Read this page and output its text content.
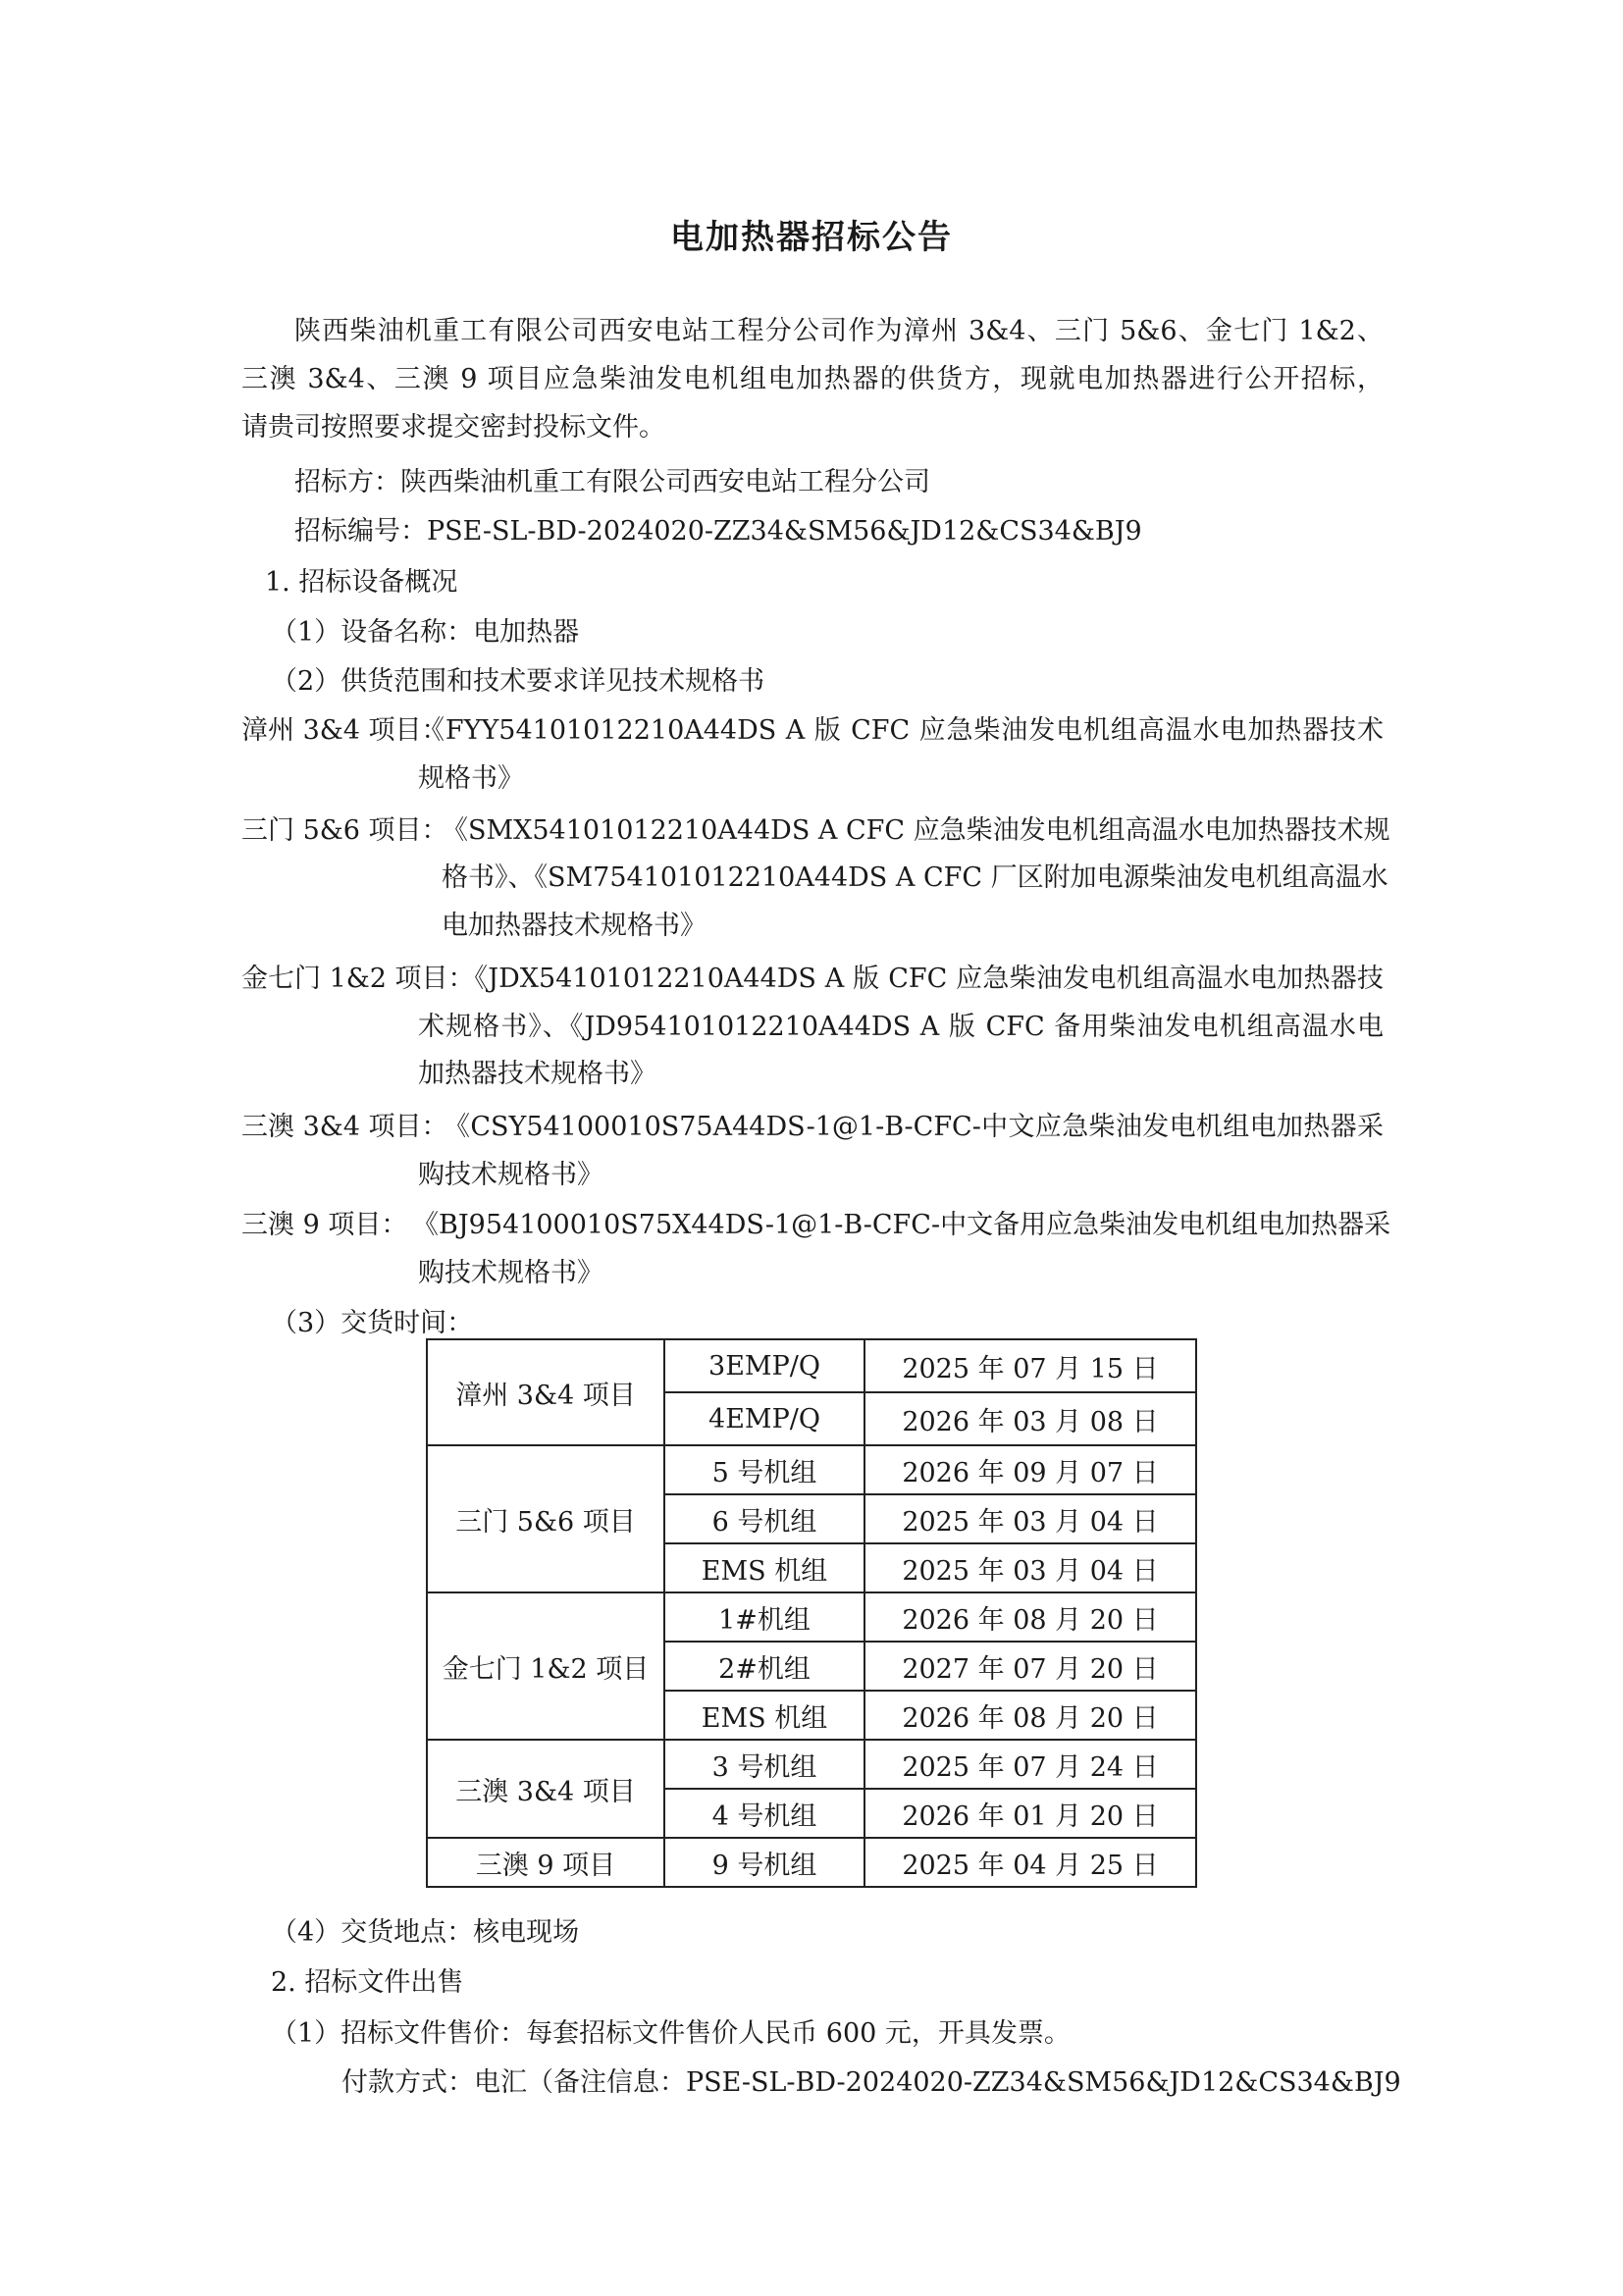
电加热器招标公告

陕西柴油机重工有限公司西安电站工程分公司作为漳州 3&4、三门 5&6、金七门 1&2、

三澳 3&4、三澳 9 项目应急柴油发电机组电加热器的供货方，现就电加热器进行公开招标，

请贵司按照要求提交密封投标文件。

招标方：陕西柴油机重工有限公司西安电站工程分公司

招标编号：PSE-SL-BD-2024020-ZZ34&SM56&JD12&CS34&BJ9

1. 招标设备概况

（1）设备名称：电加热器

（2）供货范围和技术要求详见技术规格书

漳州 3&4 项目：

《FYY54101012210A44DS A 版 CFC 应急柴油发电机组高温水电加热器技术

规格书》

三门 5&6 项目：

《SMX54101012210A44DS A CFC 应急柴油发电机组高温水电加热器技术规

格书》、《SM754101012210A44DS A CFC 厂区附加电源柴油发电机组高温水

电加热器技术规格书》

金七门 1&2 项目：

《JDX54101012210A44DS A 版 CFC 应急柴油发电机组高温水电加热器技

术规格书》、《JD954101012210A44DS A 版 CFC 备用柴油发电机组高温水电

加热器技术规格书》

三澳 3&4 项目：

《CSY54100010S75A44DS-1@1-B-CFC-中文应急柴油发电机组电加热器采

购技术规格书》

三澳 9 项目： 《BJ954100010S75X44DS-1@1-B-CFC-中文备用应急柴油发电机组电加热器采

购技术规格书》

（3）交货时间：

漳州 3&4 项目	3EMP/Q	2025 年 07 月 15 日
	4EMP/Q	2026 年 03 月 08 日
三门 5&6 项目	5 号机组	2026 年 09 月 07 日
	6 号机组	2025 年 03 月 04 日
	EMS 机组	2025 年 03 月 04 日
金七门 1&2 项目	1#机组	2026 年 08 月 20 日
	2#机组	2027 年 07 月 20 日
	EMS 机组	2026 年 08 月 20 日
三澳 3&4 项目	3 号机组	2025 年 07 月 24 日
	4 号机组	2026 年 01 月 20 日
三澳 9 项目	9 号机组	2025 年 04 月 25 日

（4）交货地点：核电现场

2. 招标文件出售

（1）招标文件售价：每套招标文件售价人民币 600 元，开具发票。

付款方式：电汇（备注信息：PSE-SL-BD-2024020-ZZ34&SM56&JD12&CS34&BJ9
